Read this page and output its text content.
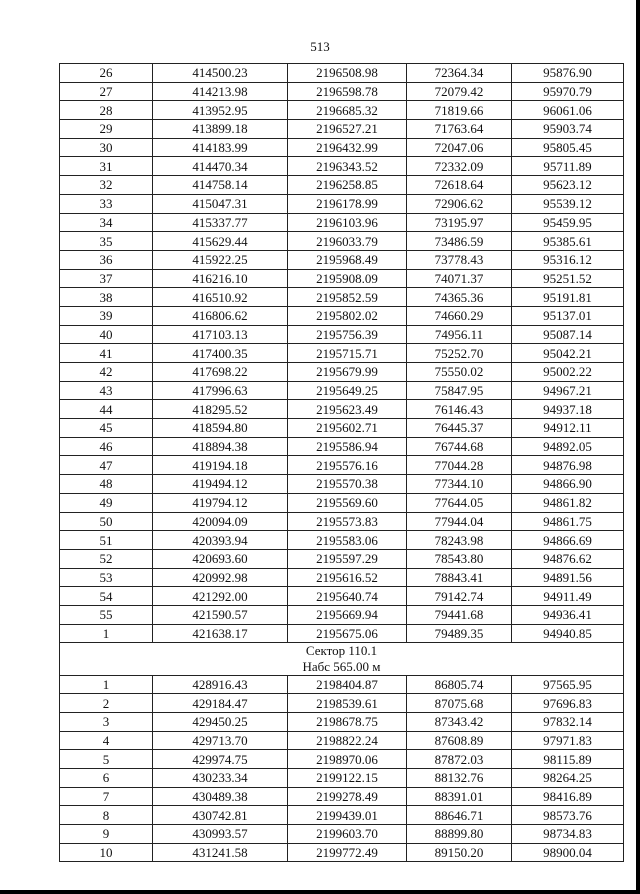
513
26	414500.23	2196508.98	72364.34	95876.90
27	414213.98	2196598.78	72079.42	95970.79
28	413952.95	2196685.32	71819.66	96061.06
29	413899.18	2196527.21	71763.64	95903.74
30	414183.99	2196432.99	72047.06	95805.45
31	414470.34	2196343.52	72332.09	95711.89
32	414758.14	2196258.85	72618.64	95623.12
33	415047.31	2196178.99	72906.62	95539.12
34	415337.77	2196103.96	73195.97	95459.95
35	415629.44	2196033.79	73486.59	95385.61
36	415922.25	2195968.49	73778.43	95316.12
37	416216.10	2195908.09	74071.37	95251.52
38	416510.92	2195852.59	74365.36	95191.81
39	416806.62	2195802.02	74660.29	95137.01
40	417103.13	2195756.39	74956.11	95087.14
41	417400.35	2195715.71	75252.70	95042.21
42	417698.22	2195679.99	75550.02	95002.22
43	417996.63	2195649.25	75847.95	94967.21
44	418295.52	2195623.49	76146.43	94937.18
45	418594.80	2195602.71	76445.37	94912.11
46	418894.38	2195586.94	76744.68	94892.05
47	419194.18	2195576.16	77044.28	94876.98
48	419494.12	2195570.38	77344.10	94866.90
49	419794.12	2195569.60	77644.05	94861.82
50	420094.09	2195573.83	77944.04	94861.75
51	420393.94	2195583.06	78243.98	94866.69
52	420693.60	2195597.29	78543.80	94876.62
53	420992.98	2195616.52	78843.41	94891.56
54	421292.00	2195640.74	79142.74	94911.49
55	421590.57	2195669.94	79441.68	94936.41
1	421638.17	2195675.06	79489.35	94940.85

Сектор 110.1
Набс 565.00 м				

1	428916.43	2198404.87	86805.74	97565.95
2	429184.47	2198539.61	87075.68	97696.83
3	429450.25	2198678.75	87343.42	97832.14
4	429713.70	2198822.24	87608.89	97971.83
5	429974.75	2198970.06	87872.03	98115.89
6	430233.34	2199122.15	88132.76	98264.25
7	430489.38	2199278.49	88391.01	98416.89
8	430742.81	2199439.01	88646.71	98573.76
9	430993.57	2199603.70	88899.80	98734.83
10	431241.58	2199772.49	89150.20	98900.04
